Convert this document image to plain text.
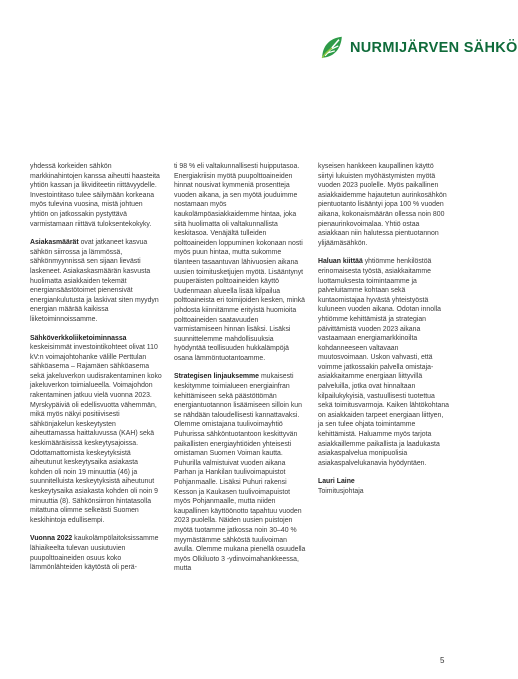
NURMIJÄRVEN SÄHKÖ

yhdessä korkeiden sähkön markkinahintojen kanssa aiheutti haasteita yhtiön kassan ja likviditeetin riittävyydelle. Investointitaso tulee säilymään korkeana myös tulevina vuosina, mistä johtuen yhtiön on jatkossakin pystyttävä varmistamaan riittävä tuloksentekokyky.

Asiakasmäärät ovat jatkaneet kasvua sähkön siirrossa ja lämmössä, sähkönmyynnissä sen sijaan lievästi laskeneet. Asiakaskasmäärän kasvusta huolimatta asiakkaiden tekemät energiansäästötoimet pienensivät energiankulutusta ja laskivat siten myydyn energian määrää kaikissa liiketoiminnoissamme.

Sähköverkkoliiketoiminnassa keskeisimmät investointikohteet olivat 110 kV:n voimajohtohanke välille Perttulan sähköasema – Rajamäen sähköasema sekä jakeluverkon uudisrakentaminen koko jakeluverkon toimialueella. Voimajohdon rakentaminen jatkuu vielä vuonna 2023. Myrskypäiviä oli edellisvuotta vähemmän, mikä myös näkyi positiivisesti sähkönjakelun keskeytysten aiheuttamassa haittaluvussa (KAH) sekä keskimääräisissä keskeytysajoissa. Odottamattomista keskeytyksistä aiheutunut keskeytysaika asiakasta kohden oli noin 19 minuuttia (46) ja suunnitelluista keskeytyksistä aiheutunut keskeytysaika asiakasta kohden oli noin 9 minuuttia (8). Sähkönsiirron hintatasolla mitattuna olimme selkeästi Suomen keskihintoja edullisempi.

Vuonna 2022 kaukolämpölaitoksissamme lähiaikeelta tulevan uusiutuvien puupolttoaineiden osuus koko lämmönlähteiden käytöstä oli perä-

ti 98 % eli valtakunnallisesti huipputasoa. Energiakriisin myötä puupolttoaineiden hinnat nousivat kymmeniä prosentteja vuoden aikana, ja sen myötä jouduimme nostamaan myös kaukolämpöasiakkaidemme hintaa, joka siitä huolimatta oli valtakunnallista keskitasoa. Venäjältä tulleiden polttoaineiden loppuminen kokonaan nosti myös puun hintaa, mutta sukomme tilanteen tasaantuvan lähivuosien aikana uusien toimitusketjujen myötä. Lisääntynyt puuperäisten polttoaineiden käyttö Uudenmaan alueella lisää kilpailua polttoaineista eri toimijoiden kesken, minkä johdosta kiinnitämme erityistä huomioita polttoaineiden saatavuuden varmistamiseen hinnan lisäksi. Lisäksi suunnittelemme mahdollisuuksia hyödyntää teollisuuden hukkalämpöjä osana lämmöntuotantoamme.

Strategisen linjauksemme mukaisesti keskitymme toimialueen energiainfran kehittämiseen sekä päästöttömän energiantuotannon lisäämiseen silloin kun se nähdään taloudellisesti kannattavaksi. Olemme omistajana tuulivoimayhtiö Puhurissa sähköntuotantoon keskittyvän paikallisten energiayhtiöiden yhteisesti omistaman Suomen Voiman kautta. Puhurilla valmistuivat vuoden aikana Parhan ja Hankilan tuulivoimapuistot Pohjanmaalle. Lisäksi Puhuri rakensi Kesson ja Kaukasen tuulivoimapuistot myös Pohjanmaalle, mutta niiden kaupallinen käyttöönotto tapahtuu vuoden 2023 puolella. Näiden uusien puistojen myötä tuotamme jatkossa noin 30–40 % myymästämme sähköstä tuulivoiman avulla. Olemme mukana pienellä osuudella myös Olkiluoto 3 -ydinvoimahankkeessa, mutta

kyseisen hankkeen kaupallinen käyttö siirtyi lukuisten myöhästymisten myötä vuoden 2023 puolelle. Myös paikallinen asiakkaidemme hajautetun aurinkosähkön pientuotanto lisääntyi jopa 100 % vuoden aikana, kokonaismäärän ollessa noin 800 pienaurinkovoimalaa. Yhtiö ostaa asiakkaan niin halutessa pientuotannon ylijäämäsähkön.

Haluan kiittää yhtiömme henkilöstöä erinomaisesta työstä, asiakkaitamme luottamuksesta toimintaamme ja palveluitamme kohtaan sekä kuntaomistajaa hyvästä yhteistyöstä kuluneen vuoden aikana. Odotan innolla yhtiömme kehittämistä ja strategian päivittämistä vuoden 2023 aikana vastaamaan energiamarkkinoilta kohdanneeseen valtavaan muutosvoimaan. Uskon vahvasti, että voimme jatkossakin palvella omistaja-asiakkaitamme energiaan liittyvillä palveluilla, jotka ovat hinnaltaan kilpailukykyisiä, vastuullisesti tuotettua sekä toimitusvarmoja. Kaiken lähtökohtana on asiakkaiden tarpeet energiaan liittyen, ja sen tulee ohjata toimintamme kehittämistä. Haluamme myös tarjota asiakkaillemme paikallista ja laadukasta asiakaspalvelua monipuolisia asiakaspalvelukanavia hyödyntäen.

Lauri Laine
Toimitusjohtaja

5
